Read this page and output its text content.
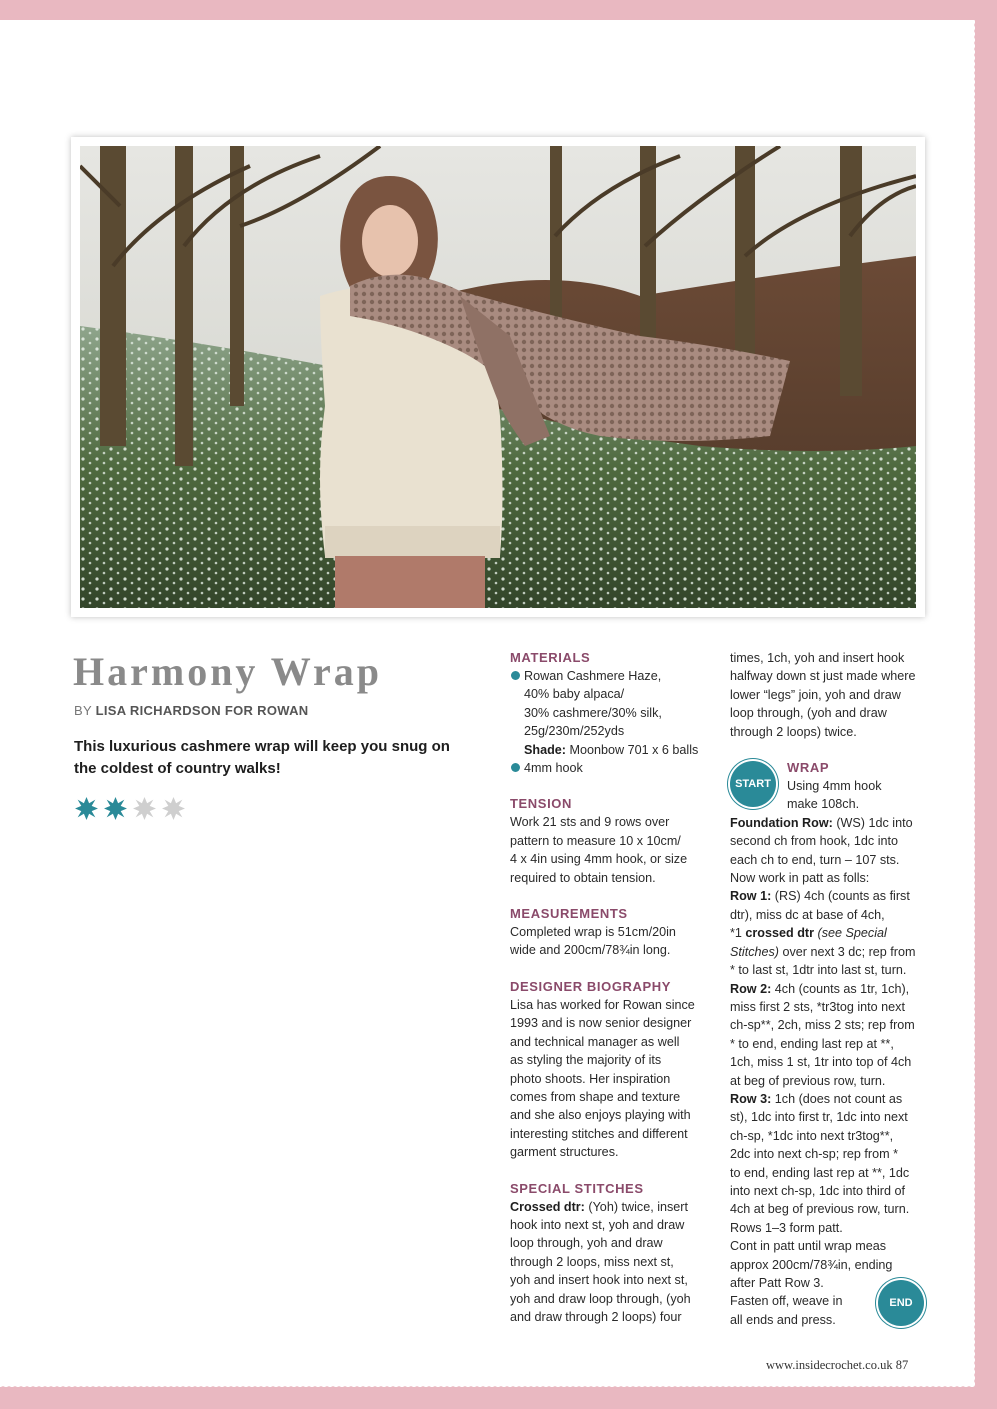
Harmony Wrap
BY LISA RICHARDSON FOR ROWAN
This luxurious cashmere wrap will keep you snug on the coldest of country walks!

MATERIALS

Rowan Cashmere Haze,

40% baby alpaca/

30% cashmere/30% silk,

25g/230m/252yds

Shade: Moonbow 701 x 6 balls

4mm hook

TENSION

Work 21 sts and 9 rows over

pattern to measure 10 x 10cm/

4 x 4in using 4mm hook, or size

required to obtain tension.

MEASUREMENTS

Completed wrap is 51cm/20in

wide and 200cm/78¾in long.

DESIGNER BIOGRAPHY

Lisa has worked for Rowan since

1993 and is now senior designer

and technical manager as well

as styling the majority of its

photo shoots. Her inspiration

comes from shape and texture

and she also enjoys playing with

interesting stitches and different

garment structures.

SPECIAL STITCHES

Crossed dtr: (Yoh) twice, insert

hook into next st, yoh and draw

loop through, yoh and draw

through 2 loops, miss next st,

yoh and insert hook into next st,

yoh and draw loop through, (yoh

and draw through 2 loops) four

times, 1ch, yoh and insert hook

halfway down st just made where

lower “legs” join, yoh and draw

loop through, (yoh and draw

through 2 loops) twice.

START

WRAP

Using 4mm hook

make 108ch.

Foundation Row: (WS) 1dc into

second ch from hook, 1dc into

each ch to end, turn – 107 sts.

Now work in patt as folls:

Row 1: (RS) 4ch (counts as first

dtr), miss dc at base of 4ch,

*1 crossed dtr (see Special

Stitches) over next 3 dc; rep from

* to last st, 1dtr into last st, turn.

Row 2: 4ch (counts as 1tr, 1ch),

miss first 2 sts, *tr3tog into next

ch-sp**, 2ch, miss 2 sts; rep from

* to end, ending last rep at **,

1ch, miss 1 st, 1tr into top of 4ch

at beg of previous row, turn.

Row 3: 1ch (does not count as

st), 1dc into first tr, 1dc into next

ch-sp, *1dc into next tr3tog**,

2dc into next ch-sp; rep from *

to end, ending last rep at **, 1dc

into next ch-sp, 1dc into third of

4ch at beg of previous row, turn.

Rows 1–3 form patt.

Cont in patt until wrap meas

approx 200cm/78¾in, ending

after Patt Row 3.

Fasten off, weave in

all ends and press.

END
www.insidecrochet.co.uk 87
